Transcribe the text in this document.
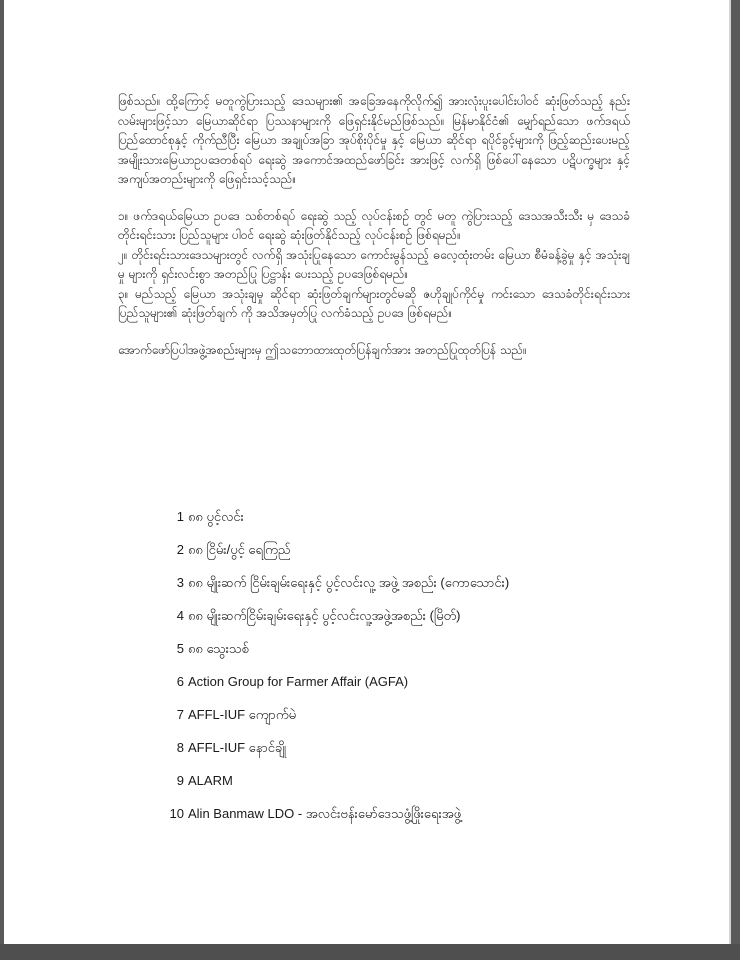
ဖြစ်သည်။ ထို့ကြောင့် မတူကွဲပြားသည့် ဒေသများ၏ အခြေအနေကိုလိုက်၍ အားလုံးပူးပေါင်းပါဝင် ဆုံးဖြတ်သည့် နည်းလမ်းများဖြင့်သာ မြေယာဆိုင်ရာ ပြဿနာများကို ဖြေရှင်းနိုင်မည်ဖြစ်သည်။ မြန်မာနိုင်ငံ၏ မျှော်ရည်သော ဖက်ဒရယ် ပြည်ထောင်စုနှင့် ကိုက်ညီပြီး မြေယာ အချုပ်အခြာ အုပ်စိုးပိုင်မှု နှင့် မြေယာ ဆိုင်ရာ ရပိုင်ခွင့်များကို ဖြည့်ဆည်းပေးမည့် အမျိုးသားမြေယာဥပဒေတစ်ရပ် ရေးဆွဲ အကောင်အထည်ဖော်ခြင်း အားဖြင့် လက်ရှိ ဖြစ်ပေါ်နေသော ပဋိပက္ခများ နှင့် အကျပ်အတည်းများကို ဖြေရှင်းသင့်သည်။

၁။ ဖက်ဒရယ်မြေယာ ဥပဒေ သစ်တစ်ရပ် ရေးဆွဲ သည့် လုပ်ငန်းစဉ် တွင် မတူ ကွဲပြားသည့် ဒေသအသီးသီး မှ ဒေသခံ တိုင်းရင်းသား ပြည်သူများ ပါဝင် ရေးဆွဲ ဆုံးဖြတ်နိုင်သည့် လုပ်ငန်းစဉ် ဖြစ်ရမည်။

၂။ တိုင်းရင်းသားဒေသများတွင် လက်ရှိ အသုံးပြုနေသော ကောင်းမွန်သည့် ဓလေ့ထုံးတမ်း မြေယာ စီမံခန့်ခွဲမှု နှင့် အသုံးချမှု များကို ရှင်းလင်းစွာ အတည်ပြု ပြဋ္ဌာန်း ပေးသည့် ဥပဒေဖြစ်ရမည်။

၃။ မည်သည့် မြေယာ အသုံးချမှု ဆိုင်ရာ ဆုံးဖြတ်ချက်များတွင်မဆို ဇဟိုချုပ်ကိုင်မှု ကင်းသော ဒေသခံတိုင်းရင်းသား ပြည်သူများ၏ ဆုံးဖြတ်ချက် ကို အသိအမှတ်ပြု လက်ခံသည့် ဥပဒေ ဖြစ်ရမည်။

အောက်ဖော်ပြပါအဖွဲ့အစည်းများမှ ဤသဘောထားထုတ်ပြန်ချက်အား အတည်ပြုထုတ်ပြန် သည်။

1 ၈၈ ပွင့်လင်း
2 ၈၈ ငြိမ်း/ပွင့် ရေကြည်
3 ၈၈ မျိုးဆက် ငြိမ်းချမ်းရေးနှင့် ပွင့်လင်းလူ့ အဖွဲ့ အစည်း (ကောသောင်း)
4 ၈၈ မျိုးဆက်ငြိမ်းချမ်းရေးနှင့် ပွင့်လင်းလူ့အဖွဲ့အစည်း (မြိတ်)
5 ၈၈ သွေးသစ်
6 Action Group for Farmer Affair (AGFA)
7 AFFL-IUF ကျောက်မဲ
8 AFFL-IUF နောင်ချို
9 ALARM
10 Alin Banmaw LDO - အလင်းဗန်းမော်ဒေသဖွံ့ဖြိုးရေးအဖွဲ့
